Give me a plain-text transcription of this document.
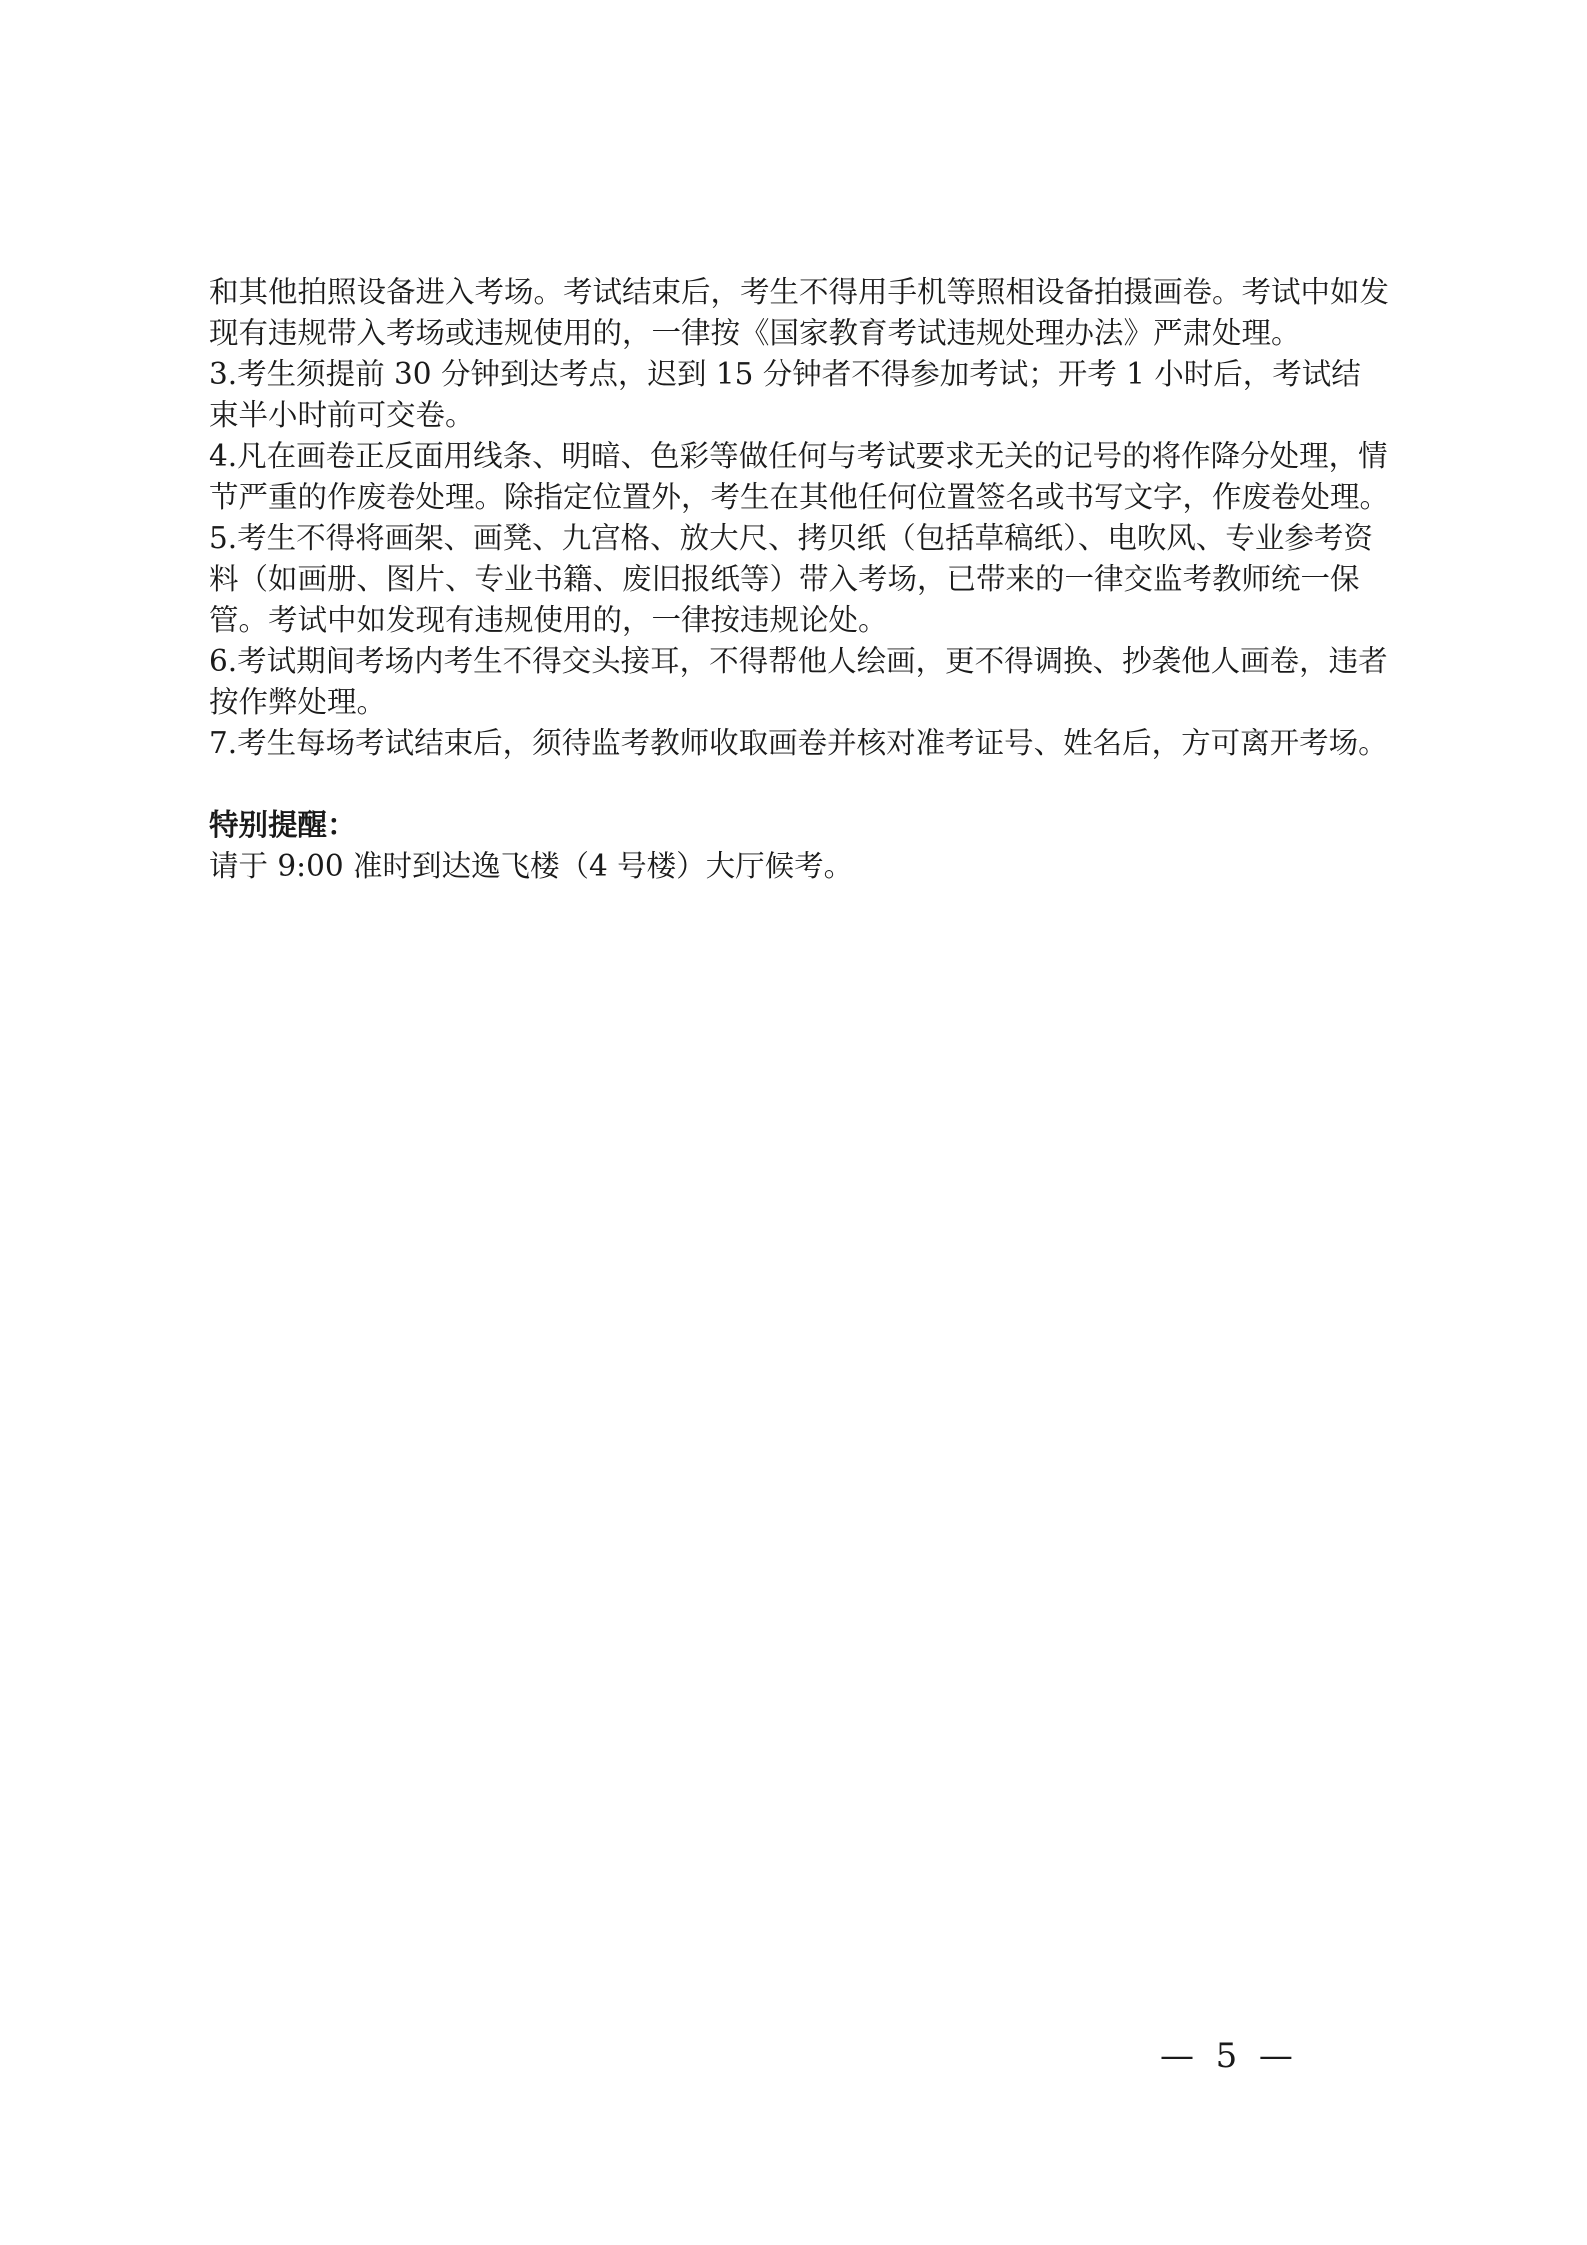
和其他拍照设备进入考场。考试结束后，考生不得用手机等照相设备拍摄画卷。考试中如发现有违规带入考场或违规使用的，一律按《国家教育考试违规处理办法》严肃处理。

3.考生须提前 30 分钟到达考点，迟到 15 分钟者不得参加考试；开考 1 小时后，考试结束半小时前可交卷。

4.凡在画卷正反面用线条、明暗、色彩等做任何与考试要求无关的记号的将作降分处理，情节严重的作废卷处理。除指定位置外，考生在其他任何位置签名或书写文字，作废卷处理。

5.考生不得将画架、画凳、九宫格、放大尺、拷贝纸（包括草稿纸）、电吹风、专业参考资料（如画册、图片、专业书籍、废旧报纸等）带入考场，已带来的一律交监考教师统一保管。考试中如发现有违规使用的，一律按违规论处。

6.考试期间考场内考生不得交头接耳，不得帮他人绘画，更不得调换、抄袭他人画卷，违者按作弊处理。

7.考生每场考试结束后，须待监考教师收取画卷并核对准考证号、姓名后，方可离开考场。

特别提醒：

请于 9:00 准时到达逸飞楼（4 号楼）大厅候考。

—  5  —
